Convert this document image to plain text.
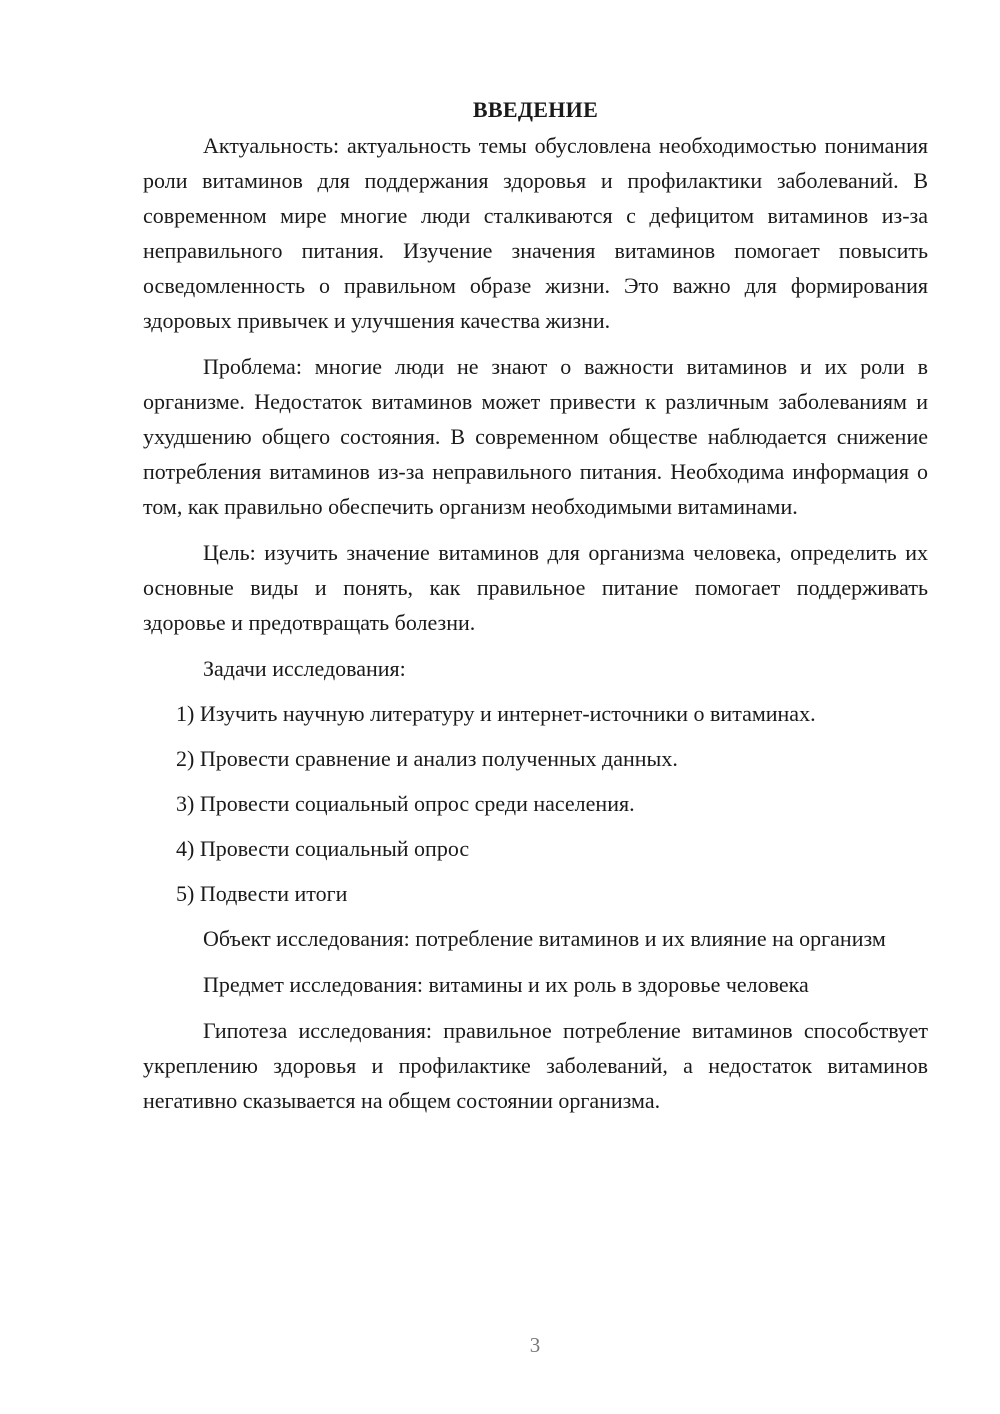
ВВЕДЕНИЕ

Актуальность: актуальность темы обусловлена необходимостью понимания роли витаминов для поддержания здоровья и профилактики заболеваний. В современном мире многие люди сталкиваются с дефицитом витаминов из-за неправильного питания. Изучение значения витаминов помогает повысить осведомленность о правильном образе жизни. Это важно для формирования здоровых привычек и улучшения качества жизни.

Проблема: многие люди не знают о важности витаминов и их роли в организме. Недостаток витаминов может привести к различным заболеваниям и ухудшению общего состояния. В современном обществе наблюдается снижение потребления витаминов из-за неправильного питания. Необходима информация о том, как правильно обеспечить организм необходимыми витаминами.

Цель: изучить значение витаминов для организма человека, определить их основные виды и понять, как правильное питание помогает поддерживать здоровье и предотвращать болезни.

Задачи исследования:

1) Изучить научную литературу и интернет-источники о витаминах.
2) Провести сравнение и анализ полученных данных.
3) Провести социальный опрос среди населения.
4) Провести социальный опрос
5) Подвести итоги

Объект исследования: потребление витаминов и их влияние на организм

Предмет исследования: витамины и их роль в здоровье человека

Гипотеза исследования: правильное потребление витаминов способствует укреплению здоровья и профилактике заболеваний, а недостаток витаминов негативно сказывается на общем состоянии организма.

3
